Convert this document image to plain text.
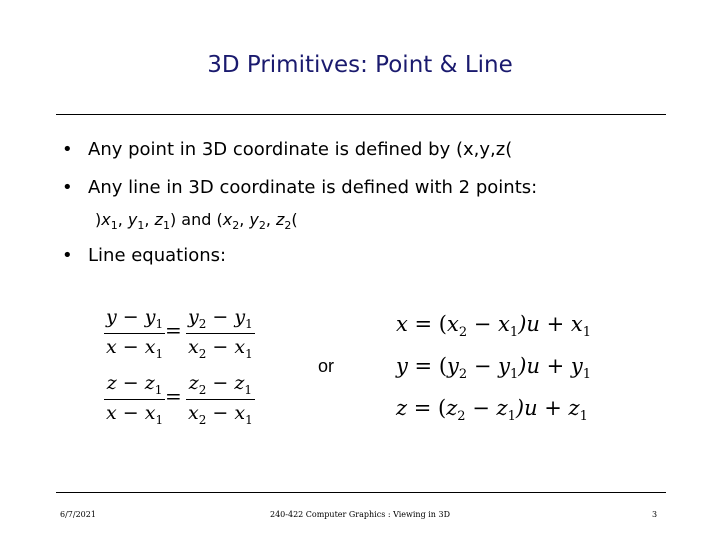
3D Primitives: Point & Line
• Any point in 3D coordinate is defined by (x,y,z(
• Any line in 3D coordinate is defined with 2 points:
)$x_1$, $y_1$, $z_1$) and ($x_2$, $y_2$, $z_2$(
• Line equations:
$y - y_1$
$x - x_1$
=
$y_2 - y_1$
$x_2 - x_1$
$z - z_1$
$x - x_1$
=
$z_2 - z_1$
$x_2 - x_1$
or
$x = (x_2 - x_1)u + x_1$
$y = (y_2 - y_1)u + y_1$
$z = (z_2 - z_1)u + z_1$
6/7/2021	240-422 Computer Graphics : Viewing in 3D	3
